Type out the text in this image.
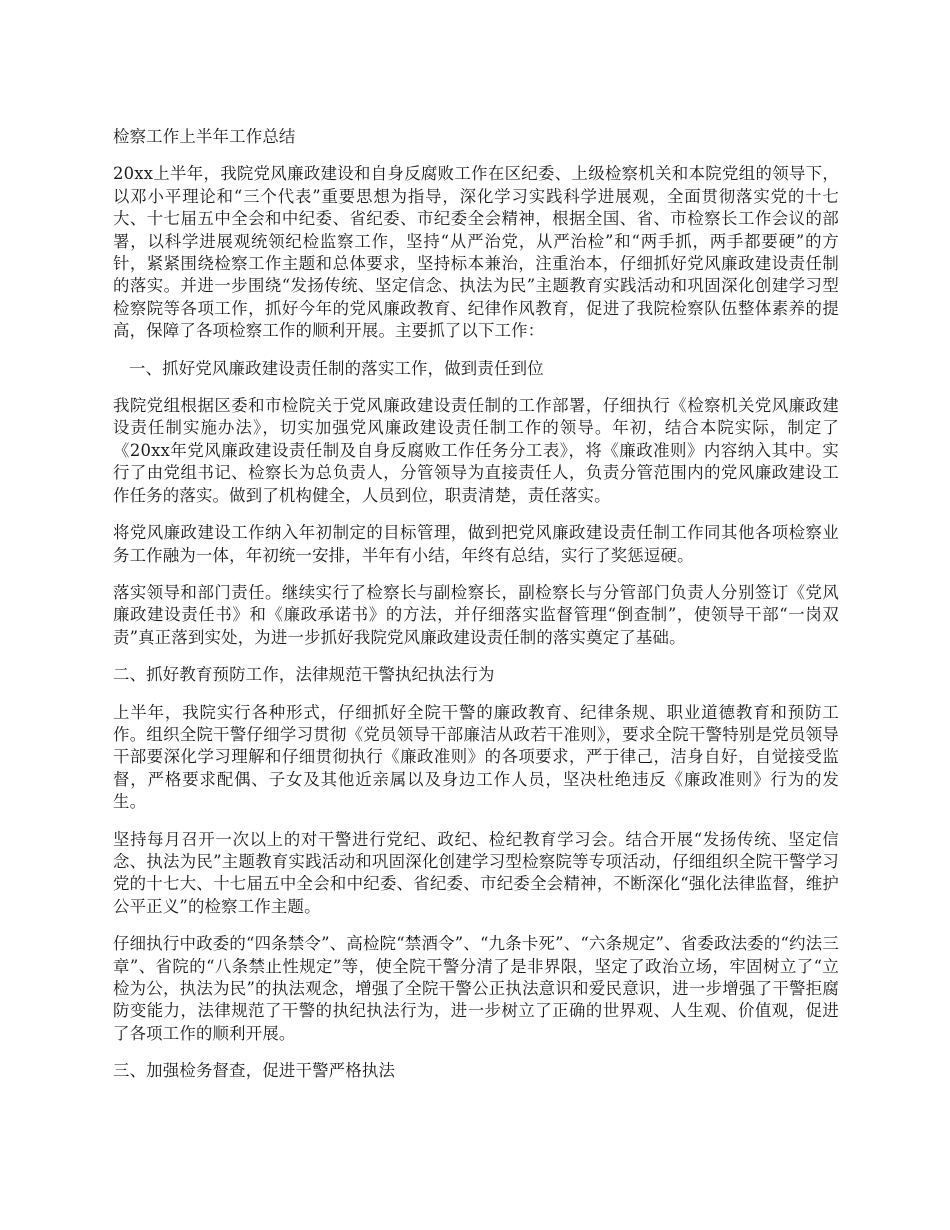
检察工作上半年工作总结

20xx上半年，我院党风廉政建设和自身反腐败工作在区纪委、上级检察机关和本院党组的领导下，以邓小平理论和“三个代表”重要思想为指导，深化学习实践科学进展观，全面贯彻落实党的十七大、十七届五中全会和中纪委、省纪委、市纪委全会精神，根据全国、省、市检察长工作会议的部署，以科学进展观统领纪检监察工作，坚持“从严治党，从严治检”和“两手抓，两手都要硬”的方针，紧紧围绕检察工作主题和总体要求，坚持标本兼治，注重治本，仔细抓好党风廉政建设责任制的落实。并进一步围绕“发扬传统、坚定信念、执法为民”主题教育实践活动和巩固深化创建学习型检察院等各项工作，抓好今年的党风廉政教育、纪律作风教育，促进了我院检察队伍整体素养的提高，保障了各项检察工作的顺利开展。主要抓了以下工作：

一、抓好党风廉政建设责任制的落实工作，做到责任到位

我院党组根据区委和市检院关于党风廉政建设责任制的工作部署，仔细执行《检察机关党风廉政建设责任制实施办法》，切实加强党风廉政建设责任制工作的领导。年初，结合本院实际，制定了《20xx年党风廉政建设责任制及自身反腐败工作任务分工表》，将《廉政准则》内容纳入其中。实行了由党组书记、检察长为总负责人，分管领导为直接责任人，负责分管范围内的党风廉政建设工作任务的落实。做到了机构健全，人员到位，职责清楚，责任落实。

将党风廉政建设工作纳入年初制定的目标管理，做到把党风廉政建设责任制工作同其他各项检察业务工作融为一体，年初统一安排，半年有小结，年终有总结，实行了奖惩逗硬。

落实领导和部门责任。继续实行了检察长与副检察长，副检察长与分管部门负责人分别签订《党风廉政建设责任书》和《廉政承诺书》的方法，并仔细落实监督管理“倒查制”，使领导干部“一岗双责”真正落到实处，为进一步抓好我院党风廉政建设责任制的落实奠定了基础。

二、抓好教育预防工作，法律规范干警执纪执法行为

上半年，我院实行各种形式，仔细抓好全院干警的廉政教育、纪律条规、职业道德教育和预防工作。组织全院干警仔细学习贯彻《党员领导干部廉洁从政若干准则》，要求全院干警特别是党员领导干部要深化学习理解和仔细贯彻执行《廉政准则》的各项要求，严于律己，洁身自好，自觉接受监督，严格要求配偶、子女及其他近亲属以及身边工作人员，坚决杜绝违反《廉政准则》行为的发生。

坚持每月召开一次以上的对干警进行党纪、政纪、检纪教育学习会。结合开展“发扬传统、坚定信念、执法为民”主题教育实践活动和巩固深化创建学习型检察院等专项活动，仔细组织全院干警学习党的十七大、十七届五中全会和中纪委、省纪委、市纪委全会精神，不断深化“强化法律监督，维护公平正义”的检察工作主题。

仔细执行中政委的“四条禁令”、高检院“禁酒令”、“九条卡死”、“六条规定”、省委政法委的“约法三章”、省院的“八条禁止性规定”等，使全院干警分清了是非界限，坚定了政治立场，牢固树立了“立检为公，执法为民”的执法观念，增强了全院干警公正执法意识和爱民意识，进一步增强了干警拒腐防变能力，法律规范了干警的执纪执法行为，进一步树立了正确的世界观、人生观、价值观，促进了各项工作的顺利开展。

三、加强检务督查，促进干警严格执法
